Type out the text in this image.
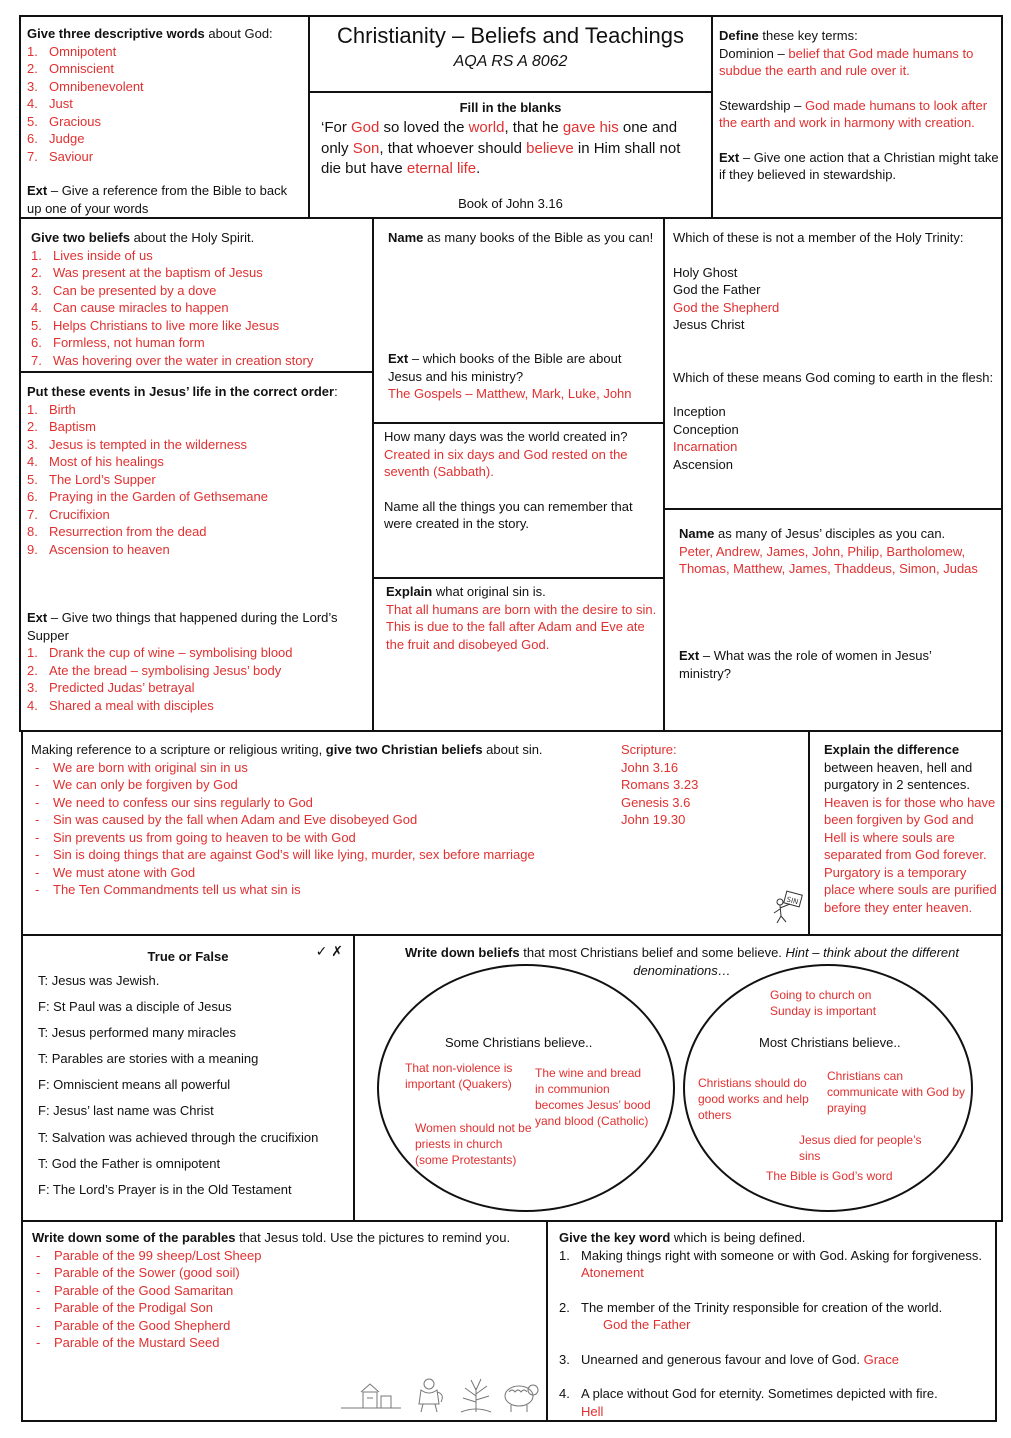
Give three descriptive words about God:
1. Omnipotent
2. Omniscient
3. Omnibenevolent
4. Just
5. Gracious
6. Judge
7. Saviour
Ext – Give a reference from the Bible to back up one of your words
Christianity – Beliefs and Teachings
AQA RS A 8062
Fill in the blanks
‘For God so loved the world, that he gave his one and only Son, that whoever should believe in Him shall not die but have eternal life.
Book of John 3.16
Define these key terms:
Dominion – belief that God made humans to subdue the earth and rule over it.
Stewardship – God made humans to look after the earth and work in harmony with creation.
Ext – Give one action that a Christian might take if they believed in stewardship.
Give two beliefs about the Holy Spirit.
1. Lives inside of us
2. Was present at the baptism of Jesus
3. Can be presented by a dove
4. Can cause miracles to happen
5. Helps Christians to live more like Jesus
6. Formless, not human form
7. Was hovering over the water in creation story
Name as many books of the Bible as you can!
Ext – which books of the Bible are about Jesus and his ministry?
The Gospels – Matthew, Mark, Luke, John
Which of these is not a member of the Holy Trinity:
Holy Ghost
God the Father
God the Shepherd
Jesus Christ
Which of these means God coming to earth in the flesh:
Inception
Conception
Incarnation
Ascension
Put these events in Jesus’ life in the correct order:
1. Birth
2. Baptism
3. Jesus is tempted in the wilderness
4. Most of his healings
5. The Lord’s Supper
6. Praying in the Garden of Gethsemane
7. Crucifixion
8. Resurrection from the dead
9. Ascension to heaven
Ext – Give two things that happened during the Lord’s Supper
1. Drank the cup of wine – symbolising blood
2. Ate the bread – symbolising Jesus’ body
3. Predicted Judas’ betrayal
4. Shared a meal with disciples
How many days was the world created in?
Created in six days and God rested on the seventh (Sabbath).
Name all the things you can remember that were created in the story.
Explain what original sin is.
That all humans are born with the desire to sin. This is due to the fall after Adam and Eve ate the fruit and disobeyed God.
Name as many of Jesus’ disciples as you can.
Peter, Andrew, James, John, Philip, Bartholomew, Thomas, Matthew, James, Thaddeus, Simon, Judas
Ext – What was the role of women in Jesus’ ministry?
Making reference to a scripture or religious writing, give two Christian beliefs about sin.
- We are born with original sin in us
- We can only be forgiven by God
- We need to confess our sins regularly to God
- Sin was caused by the fall when Adam and Eve disobeyed God
- Sin prevents us from going to heaven to be with God
- Sin is doing things that are against God’s will like lying, murder, sex before marriage
- We must atone with God
- The Ten Commandments tell us what sin is
Scripture:
John 3.16
Romans 3.23
Genesis 3.6
John 19.30
SIN
Explain the difference between heaven, hell and purgatory in 2 sentences.
Heaven is for those who have been forgiven by God and Hell is where souls are separated from God forever. Purgatory is a temporary place where souls are purified before they enter heaven.
True or False	✓ ✗
T: Jesus was Jewish.
F: St Paul was a disciple of Jesus
T: Jesus performed many miracles
T: Parables are stories with a meaning
F: Omniscient means all powerful
F: Jesus’ last name was Christ
T: Salvation was achieved through the crucifixion
T: God the Father is omnipotent
F: The Lord’s Prayer is in the Old Testament
Write down beliefs that most Christians belief and some believe. Hint – think about the different denominations…
Some Christians believe..
That non-violence is important (Quakers)
The wine and bread in communion becomes Jesus’ bood yand blood (Catholic)
Women should not be priests in church (some Protestants)
Most Christians believe..
Going to church on Sunday is important
Christians should do good works and help others
Christians can communicate with God by praying
Jesus died for people’s sins
The Bible is God’s word
Write down some of the parables that Jesus told. Use the pictures to remind you.
- Parable of the 99 sheep/Lost Sheep
- Parable of the Sower (good soil)
- Parable of the Good Samaritan
- Parable of the Prodigal Son
- Parable of the Good Shepherd
- Parable of the Mustard Seed
Give the key word which is being defined.
1. Making things right with someone or with God. Asking for forgiveness. Atonement
2. The member of the Trinity responsible for creation of the world.
God the Father
3. Unearned and generous favour and love of God. Grace
4. A place without God for eternity. Sometimes depicted with fire.
Hell
